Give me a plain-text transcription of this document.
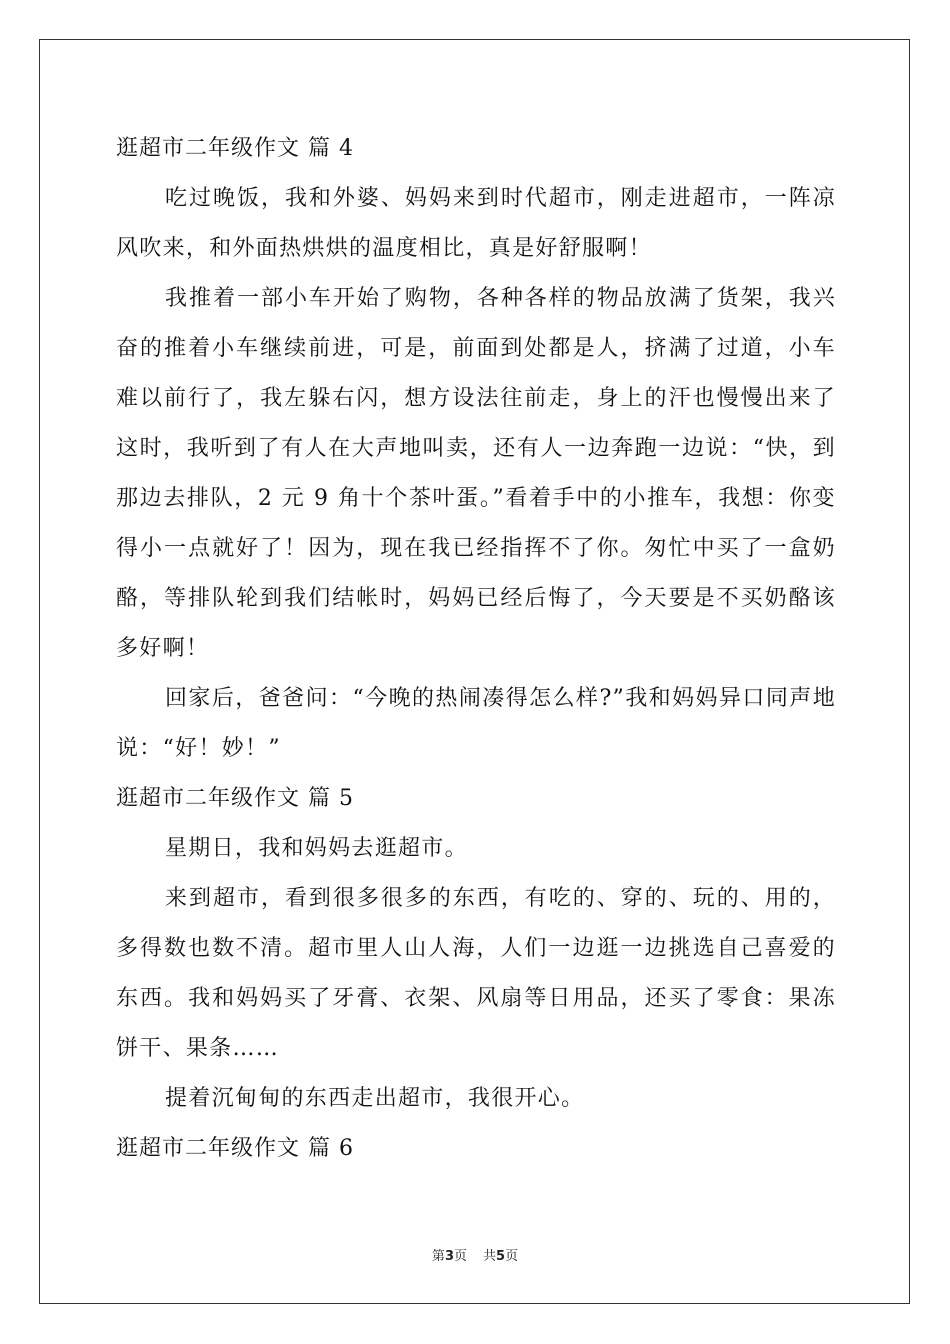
逛超市二年级作文 篇 4

吃过晚饭，我和外婆、妈妈来到时代超市，刚走进超市，一阵凉风吹来，和外面热烘烘的温度相比，真是好舒服啊！

我推着一部小车开始了购物，各种各样的物品放满了货架，我兴奋的推着小车继续前进，可是，前面到处都是人，挤满了过道，小车难以前行了，我左躲右闪，想方设法往前走，身上的汗也慢慢出来了这时，我听到了有人在大声地叫卖，还有人一边奔跑一边说：“快，到那边去排队，2 元 9 角十个茶叶蛋。”看着手中的小推车，我想：你变得小一点就好了！因为，现在我已经指挥不了你。匆忙中买了一盒奶酪，等排队轮到我们结帐时，妈妈已经后悔了，今天要是不买奶酪该多好啊！

回家后，爸爸问：“今晚的热闹凑得怎么样?”我和妈妈异口同声地说：“好！妙！”

逛超市二年级作文 篇 5

星期日，我和妈妈去逛超市。

来到超市，看到很多很多的东西，有吃的、穿的、玩的、用的，多得数也数不清。超市里人山人海，人们一边逛一边挑选自己喜爱的东西。我和妈妈买了牙膏、衣架、风扇等日用品，还买了零食：果冻饼干、果条……

提着沉甸甸的东西走出超市，我很开心。

逛超市二年级作文 篇 6

第3页 共5页
